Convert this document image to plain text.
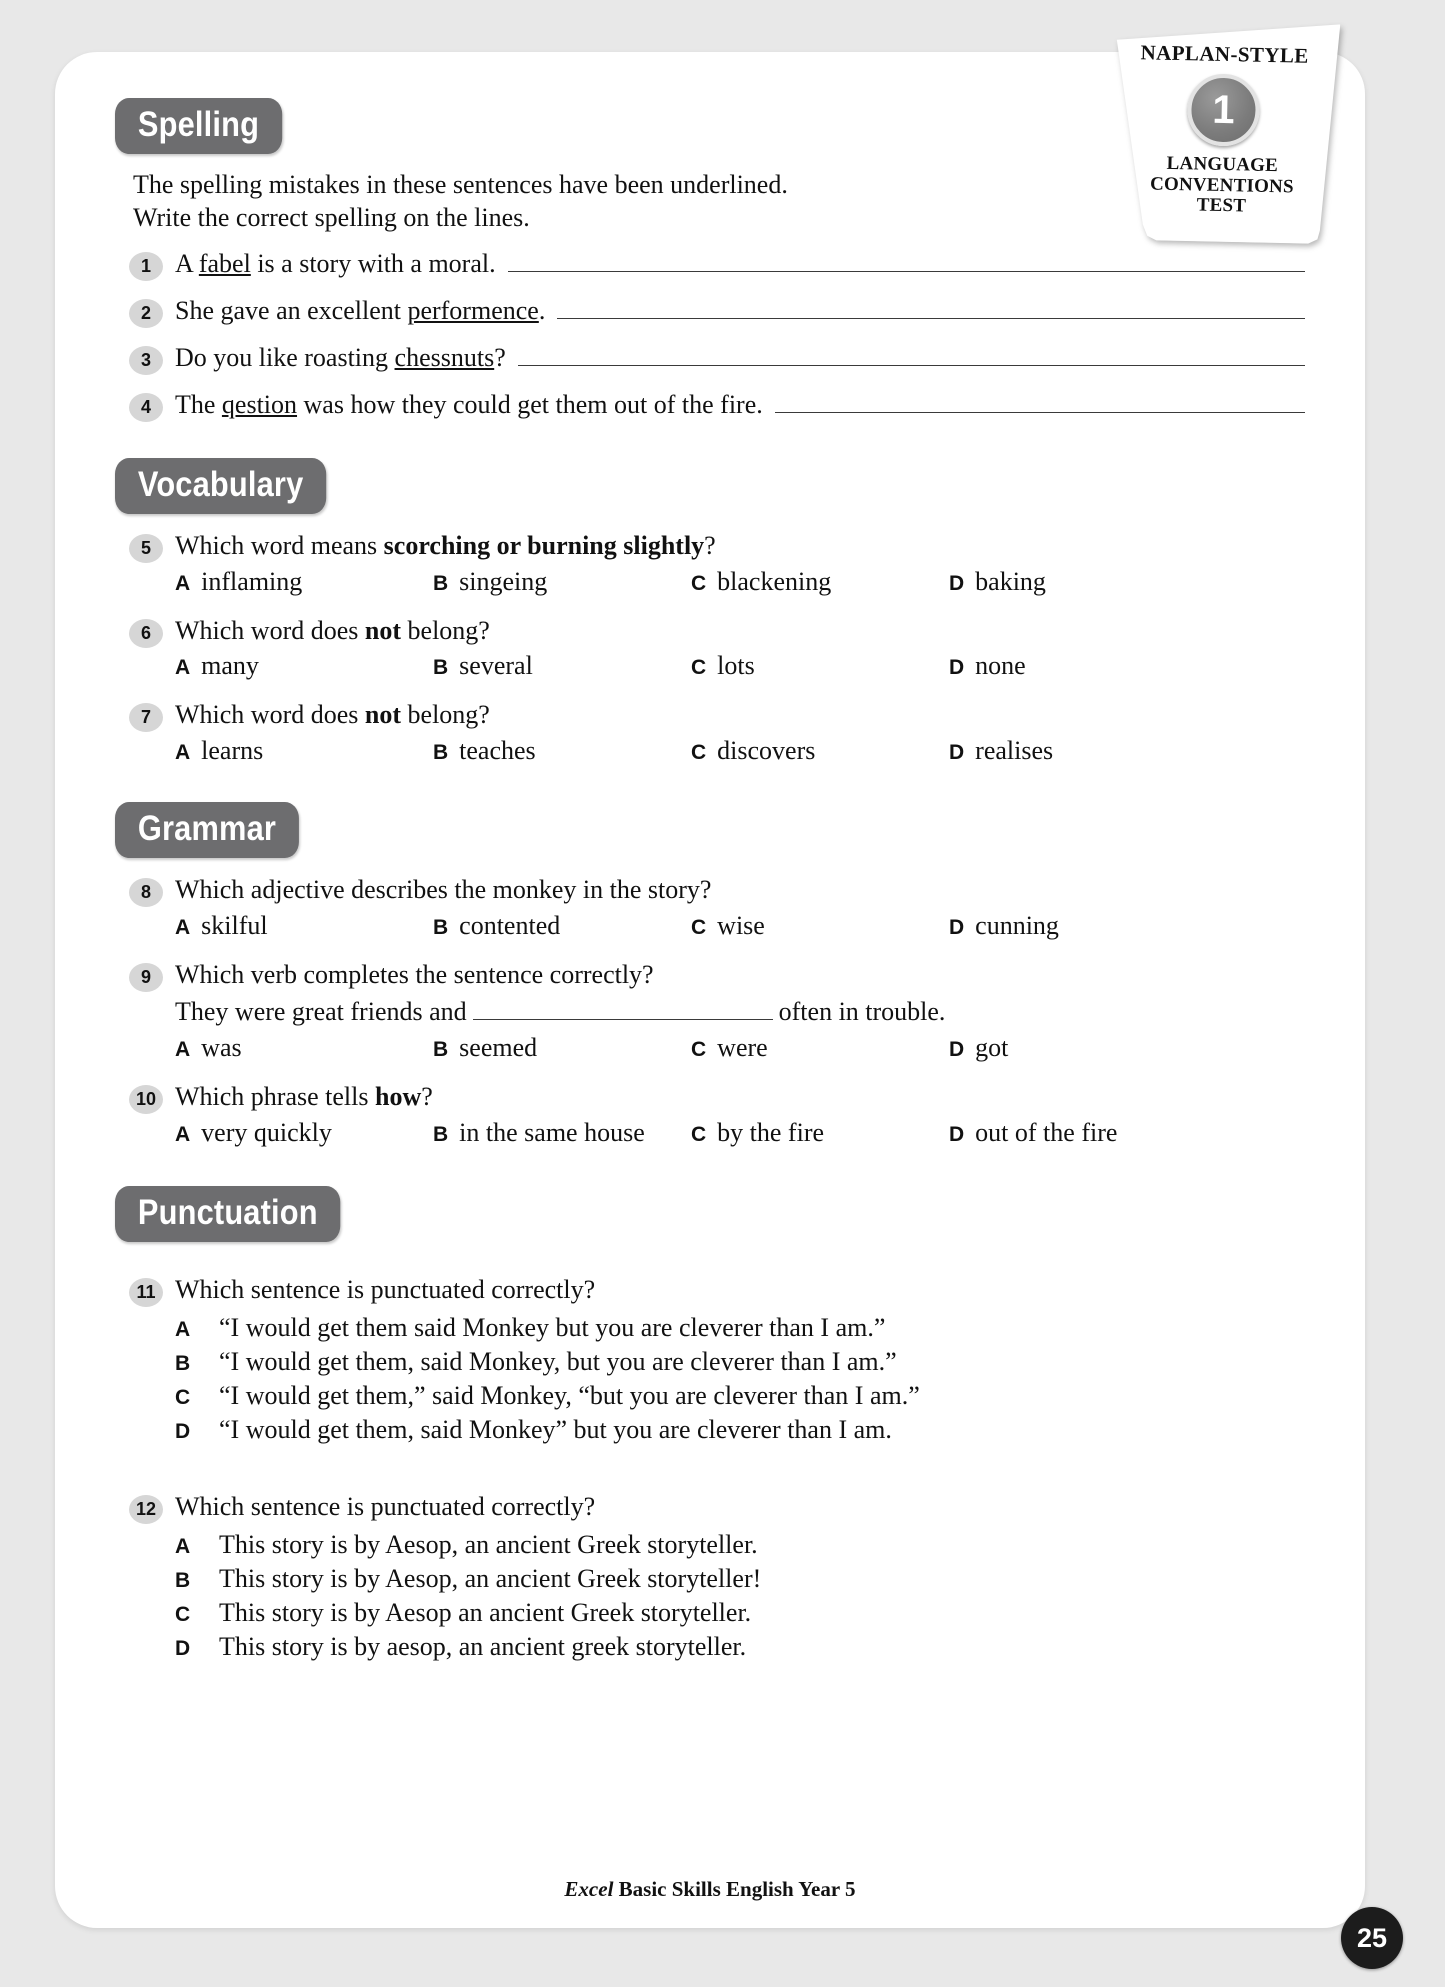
NAPLAN-STYLE
1
LANGUAGE
CONVENTIONS
TEST
Spelling
The spelling mistakes in these sentences have been underlined.
Write the correct spelling on the lines.
1 A fabel is a story with a moral.
2 She gave an excellent performence.
3 Do you like roasting chessnuts?
4 The qestion was how they could get them out of the fire.
Vocabulary
5 Which word means scorching or burning slightly?
A inflaming	B singeing	C blackening	D baking
6 Which word does not belong?
A many	B several	C lots	D none
7 Which word does not belong?
A learns	B teaches	C discovers	D realises
Grammar
8 Which adjective describes the monkey in the story?
A skilful	B contented	C wise	D cunning
9 Which verb completes the sentence correctly?
They were great friends and	often in trouble.
A was	B seemed	C were	D got
10 Which phrase tells how?
A very quickly	B in the same house C by the fire	D out of the fire
Punctuation
11 Which sentence is punctuated correctly?
A	“I would get them said Monkey but you are cleverer than I am.”
B	“I would get them, said Monkey, but you are cleverer than I am.”
C	“I would get them,” said Monkey, “but you are cleverer than I am.”
D	“I would get them, said Monkey” but you are cleverer than I am.
12 Which sentence is punctuated correctly?
A	This story is by Aesop, an ancient Greek storyteller.
B	This story is by Aesop, an ancient Greek storyteller!
C	This story is by Aesop an ancient Greek storyteller.
D	This story is by aesop, an ancient greek storyteller.
Excel Basic Skills English Year 5
25
